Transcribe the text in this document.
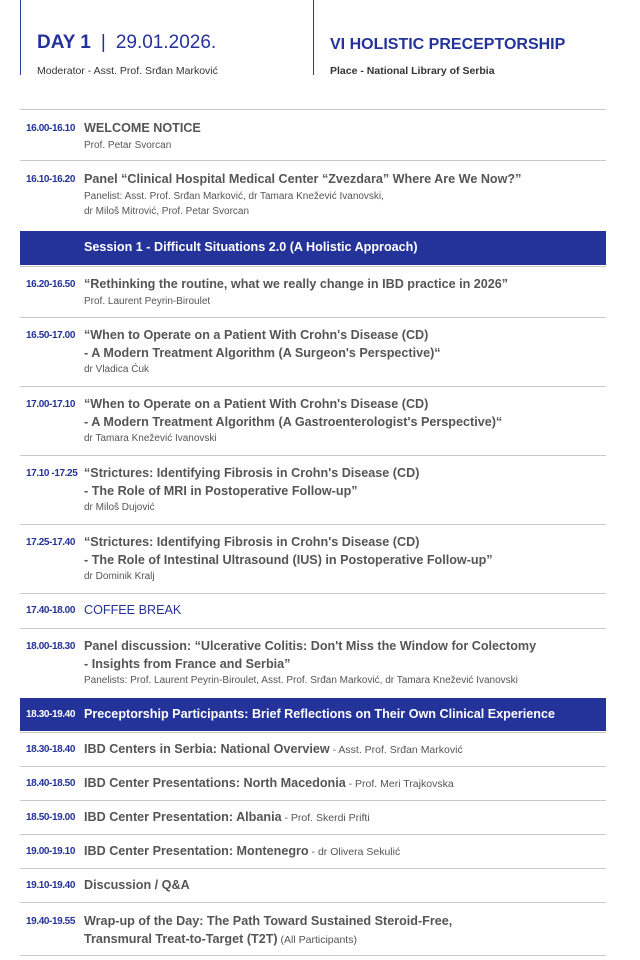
DAY 1 | 29.01.2026.
Moderator - Asst. Prof. Srđan Marković
VI HOLISTIC PRECEPTORSHIP
Place - National Library of Serbia
16.00-16.10 WELCOME NOTICE
Prof. Petar Svorcan
16.10-16.20 Panel “Clinical Hospital Medical Center “Zvezdara” Where Are We Now?”
Panelist: Asst. Prof. Srđan Marković, dr Tamara Knežević Ivanovski,
dr Miloš Mitrović, Prof. Petar Svorcan
Session 1 - Difficult Situations 2.0 (A Holistic Approach)
16.20-16.50 “Rethinking the routine, what we really change in IBD practice in 2026”
Prof. Laurent Peyrin-Biroulet
16.50-17.00 “When to Operate on a Patient With Crohn's Disease (CD)
- A Modern Treatment Algorithm (A Surgeon's Perspective)“
dr Vladica Ćuk
17.00-17.10 “When to Operate on a Patient With Crohn's Disease (CD)
- A Modern Treatment Algorithm (A Gastroenterologist's Perspective)“
dr Tamara Knežević Ivanovski
17.10 -17.25 “Strictures: Identifying Fibrosis in Crohn's Disease (CD)
- The Role of MRI in Postoperative Follow-up”
dr Miloš Dujović
17.25-17.40 “Strictures: Identifying Fibrosis in Crohn's Disease (CD)
- The Role of Intestinal Ultrasound (IUS) in Postoperative Follow-up”
dr Dominik Kralj
17.40-18.00 COFFEE BREAK
18.00-18.30 Panel discussion: “Ulcerative Colitis: Don't Miss the Window for Colectomy
- Insights from France and Serbia”
Panelists: Prof. Laurent Peyrin-Biroulet, Asst. Prof. Srđan Marković, dr Tamara Knežević Ivanovski
18.30-19.40 Preceptorship Participants: Brief Reflections on Their Own Clinical Experience
18.30-18.40 IBD Centers in Serbia: National Overview - Asst. Prof. Srđan Marković
18.40-18.50 IBD Center Presentations: North Macedonia - Prof. Meri Trajkovska
18.50-19.00 IBD Center Presentation: Albania - Prof. Skerdi Prifti
19.00-19.10 IBD Center Presentation: Montenegro - dr Olivera Sekulić
19.10-19.40 Discussion / Q&A
19.40-19.55 Wrap-up of the Day: The Path Toward Sustained Steroid-Free,
Transmural Treat-to-Target (T2T) (All Participants)
